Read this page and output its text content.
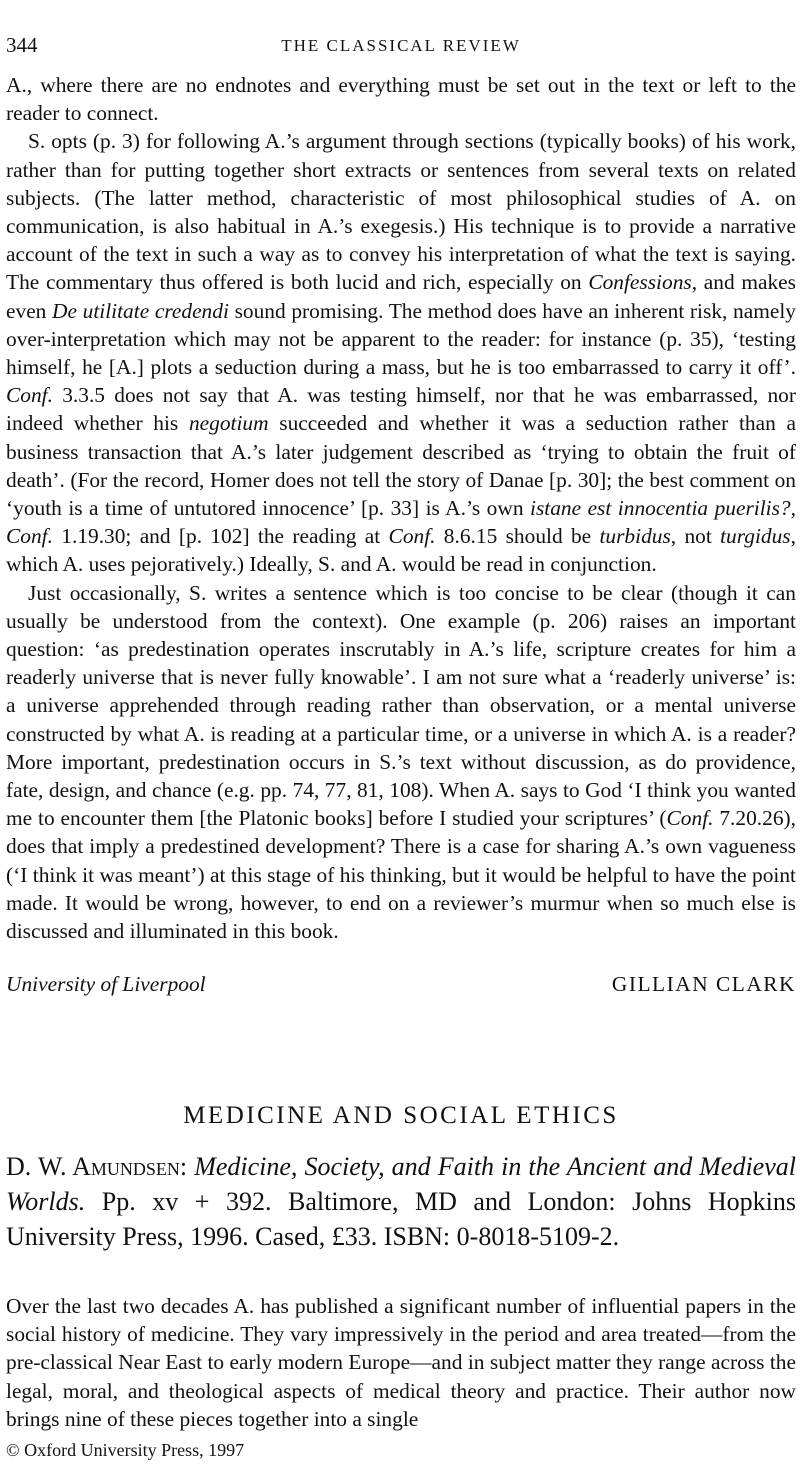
344	THE CLASSICAL REVIEW

A., where there are no endnotes and everything must be set out in the text or left to the reader to connect.

S. opts (p. 3) for following A.’s argument through sections (typically books) of his work, rather than for putting together short extracts or sentences from several texts on related subjects. (The latter method, characteristic of most philosophical studies of A. on communication, is also habitual in A.’s exegesis.) His technique is to provide a narrative account of the text in such a way as to convey his interpretation of what the text is saying. The commentary thus offered is both lucid and rich, especially on Confessions, and makes even De utilitate credendi sound promising. The method does have an inherent risk, namely over-interpretation which may not be apparent to the reader: for instance (p. 35), ‘testing himself, he [A.] plots a seduction during a mass, but he is too embarrassed to carry it off’. Conf. 3.3.5 does not say that A. was testing himself, nor that he was embarrassed, nor indeed whether his negotium succeeded and whether it was a seduction rather than a business transaction that A.’s later judgement described as ‘trying to obtain the fruit of death’. (For the record, Homer does not tell the story of Danae [p. 30]; the best comment on ‘youth is a time of untutored innocence’ [p. 33] is A.’s own istane est innocentia puerilis?, Conf. 1.19.30; and [p. 102] the reading at Conf. 8.6.15 should be turbidus, not turgidus, which A. uses pejoratively.) Ideally, S. and A. would be read in conjunction.

Just occasionally, S. writes a sentence which is too concise to be clear (though it can usually be understood from the context). One example (p. 206) raises an important question: ‘as predestination operates inscrutably in A.’s life, scripture creates for him a readerly universe that is never fully knowable’. I am not sure what a ‘readerly universe’ is: a universe apprehended through reading rather than observation, or a mental universe constructed by what A. is reading at a particular time, or a universe in which A. is a reader? More important, predestination occurs in S.’s text without discussion, as do providence, fate, design, and chance (e.g. pp. 74, 77, 81, 108). When A. says to God ‘I think you wanted me to encounter them [the Platonic books] before I studied your scriptures’ (Conf. 7.20.26), does that imply a predestined development? There is a case for sharing A.’s own vagueness (‘I think it was meant’) at this stage of his thinking, but it would be helpful to have the point made. It would be wrong, however, to end on a reviewer’s murmur when so much else is discussed and illuminated in this book.

University of Liverpool	GILLIAN CLARK
MEDICINE AND SOCIAL ETHICS
D. W. Amundsen: Medicine, Society, and Faith in the Ancient and Medieval Worlds. Pp. xv + 392. Baltimore, MD and London: Johns Hopkins University Press, 1996. Cased, £33. ISBN: 0-8018-5109-2.
Over the last two decades A. has published a significant number of influential papers in the social history of medicine. They vary impressively in the period and area treated—from the pre-classical Near East to early modern Europe—and in subject matter they range across the legal, moral, and theological aspects of medical theory and practice. Their author now brings nine of these pieces together into a single
© Oxford University Press, 1997
